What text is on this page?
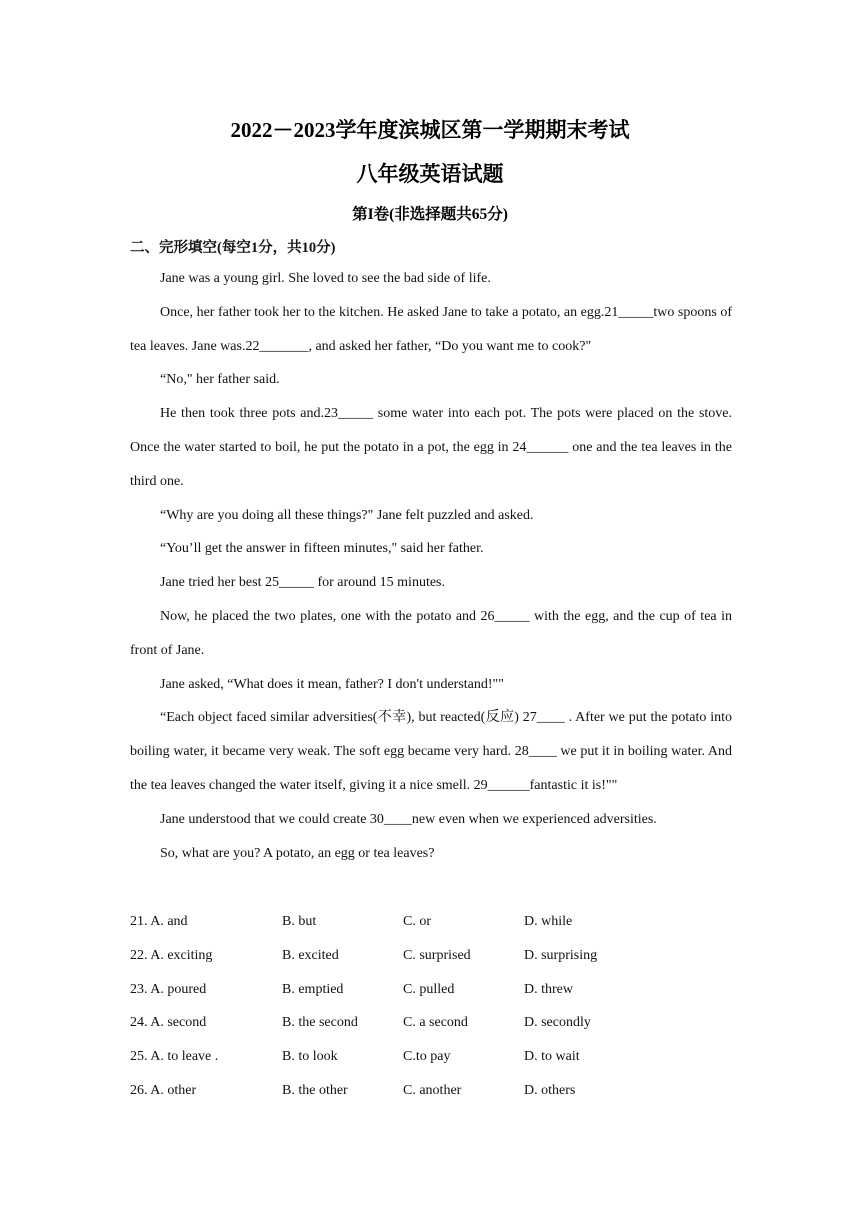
2022－2023学年度滨城区第一学期期末考试
八年级英语试题
第I卷(非选择题共65分)
二、完形填空(每空1分，共10分)

Jane was a young girl. She loved to see the bad side of life.

Once, her father took her to the kitchen. He asked Jane to take a potato, an egg.21_____two spoons of tea leaves. Jane was.22_______, and asked her father, “Do you want me to cook?"

“No," her father said.

He then took three pots and.23_____ some water into each pot. The pots were placed on the stove. Once the water started to boil, he put the potato in a pot, the egg in 24______ one and the tea leaves in the third one.

“Why are you doing all these things?" Jane felt puzzled and asked.

“You’ll get the answer in fifteen minutes," said her father.

Jane tried her best 25_____ for around 15 minutes.

Now, he placed the two plates, one with the potato and 26_____ with the egg, and the cup of tea in front of Jane.

Jane asked, “What does it mean, father? I don't understand!""

“Each object faced similar adversities(不幸), but reacted(反应) 27____ . After we put the potato into boiling water, it became very weak. The soft egg became very hard. 28____ we put it in boiling water. And the tea leaves changed the water itself, giving it a nice smell. 29______fantastic it is!""

Jane understood that we could create 30____new even when we experienced adversities.

So, what are you? A potato, an egg or tea leaves?

21. A. and	B. but	C. or	D. while
22. A. exciting	B. excited	C. surprised	D. surprising
23. A. poured	B. emptied	C. pulled	D. threw
24. A. second	B. the second	C. a second	D. secondly
25. A. to leave .	B. to look	C.to pay	D. to wait
26. A. other	B. the other	C. another	D. others
